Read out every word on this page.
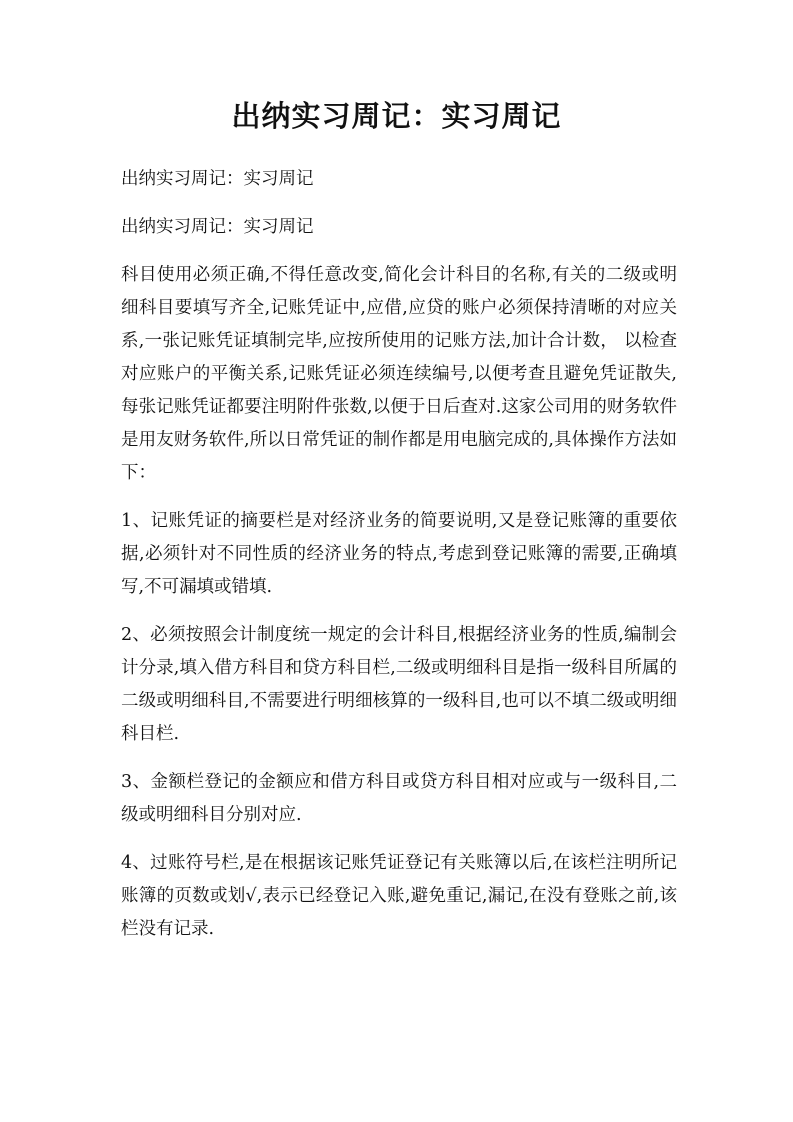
出纳实习周记：实习周记

出纳实习周记：实习周记

出纳实习周记：实习周记

科目使用必须正确,不得任意改变,简化会计科目的名称,有关的二级或明细科目要填写齐全,记账凭证中,应借,应贷的账户必须保持清晰的对应关系,一张记账凭证填制完毕,应按所使用的记账方法,加计合计数， 以检查对应账户的平衡关系,记账凭证必须连续编号,以便考查且避免凭证散失,每张记账凭证都要注明附件张数,以便于日后查对.这家公司用的财务软件是用友财务软件,所以日常凭证的制作都是用电脑完成的,具体操作方法如下：

1、记账凭证的摘要栏是对经济业务的简要说明,又是登记账簿的重要依据,必须针对不同性质的经济业务的特点,考虑到登记账簿的需要,正确填写,不可漏填或错填.

2、必须按照会计制度统一规定的会计科目,根据经济业务的性质,编制会计分录,填入借方科目和贷方科目栏,二级或明细科目是指一级科目所属的二级或明细科目,不需要进行明细核算的一级科目,也可以不填二级或明细科目栏.

3、金额栏登记的金额应和借方科目或贷方科目相对应或与一级科目,二级或明细科目分别对应.

4、过账符号栏,是在根据该记账凭证登记有关账簿以后,在该栏注明所记账簿的页数或划√,表示已经登记入账,避免重记,漏记,在没有登账之前,该栏没有记录.
